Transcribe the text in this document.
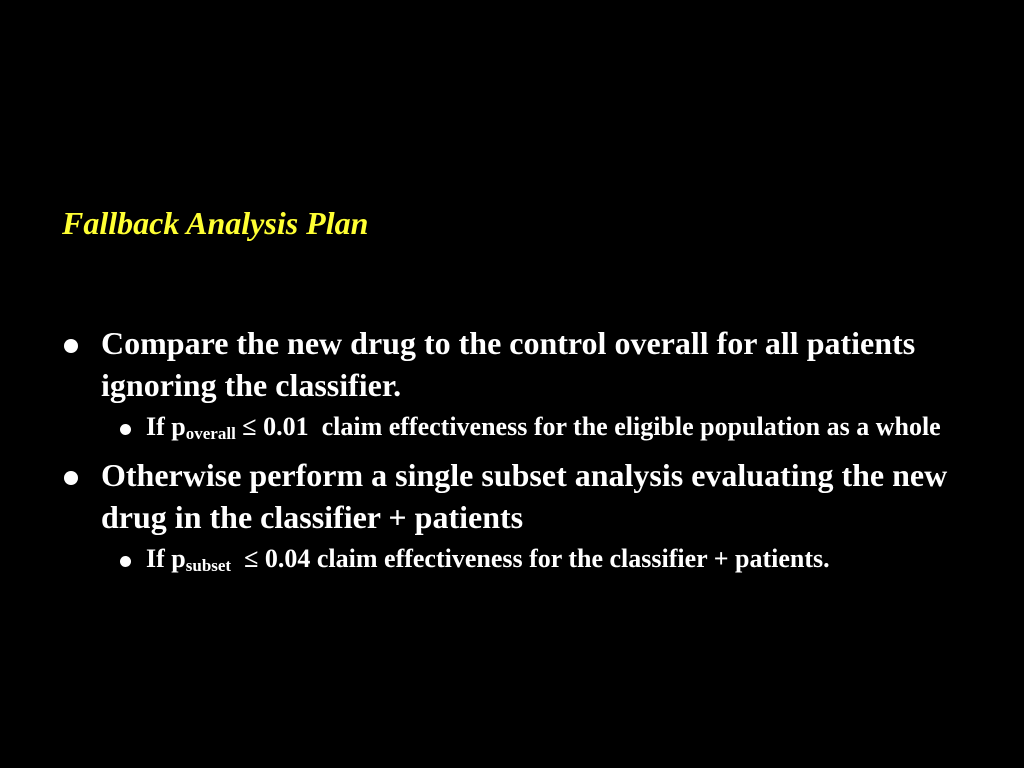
Fallback Analysis Plan
Compare the new drug to the control overall for all patients ignoring the classifier.
If $p_{overall} \le 0.01$ claim effectiveness for the eligible population as a whole
Otherwise perform a single subset analysis evaluating the new drug in the classifier + patients
If $p_{subset} \le 0.04$ claim effectiveness for the classifier + patients.
